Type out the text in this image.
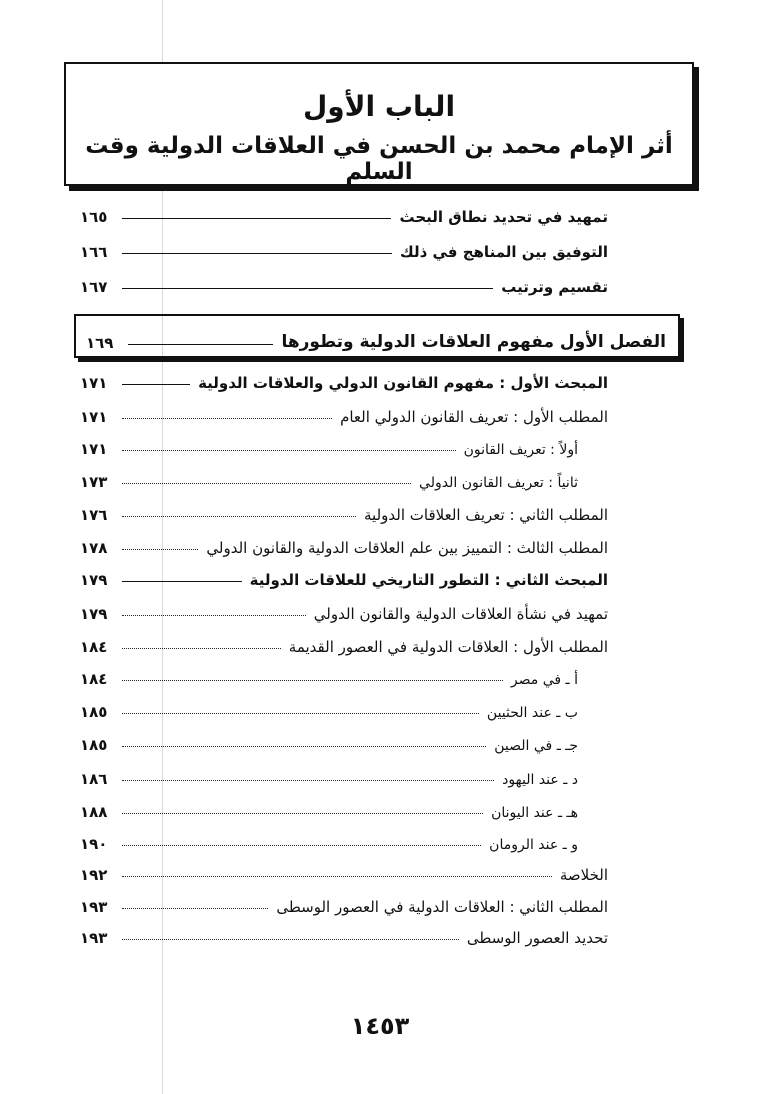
الباب الأول
أثر الإمام محمد بن الحسن في العلاقات الدولية وقت السلم
تمهيد في تحديد نطاق البحث
١٦٥
التوفيق بين المناهج في ذلك
١٦٦
تقسيم وترتيب
١٦٧
الفصل الأول مفهوم العلاقات الدولية وتطورها
١٦٩
المبحث الأول : مفهوم القانون الدولي والعلاقات الدولية
١٧١
المطلب الأول : تعريف القانون الدولي العام
١٧١
أولاً : تعريف القانون
١٧١
ثانياً : تعريف القانون الدولي
١٧٣
المطلب الثاني : تعريف العلاقات الدولية
١٧٦
المطلب الثالث : التمييز بين علم العلاقات الدولية والقانون الدولي
١٧٨
المبحث الثاني : التطور التاريخي للعلاقات الدولية
١٧٩
تمهيد في نشأة العلاقات الدولية والقانون الدولي
١٧٩
المطلب الأول : العلاقات الدولية في العصور القديمة
١٨٤
أ ـ في مصر
١٨٤
ب ـ عند الحثيين
١٨٥
جـ ـ في الصين
١٨٥
د ـ عند اليهود
١٨٦
هـ ـ عند اليونان
١٨٨
و ـ عند الرومان
١٩٠
الخلاصة
١٩٢
المطلب الثاني : العلاقات الدولية في العصور الوسطى
١٩٣
تحديد العصور الوسطى
١٩٣
١٤٥٣
